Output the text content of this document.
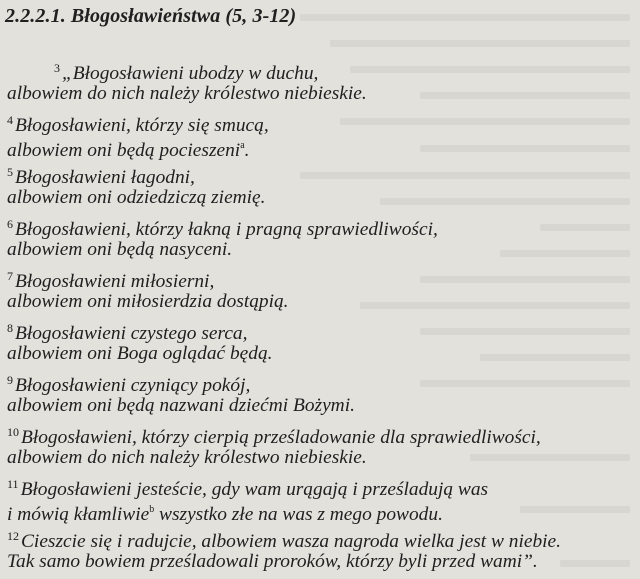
2.2.2.1. Błogosławieństwa (5, 3-12)
$^3$ „Błogosławieni ubodzy w duchu,
albowiem do nich należy królestwo niebieskie.
$^4$ Błogosławieni, którzy się smucą,
albowiem oni będą pocieszeni$^a$.
$^5$ Błogosławieni łagodni,
albowiem oni odziedziczą ziemię.
$^6$ Błogosławieni, którzy łakną i pragną sprawiedliwości,
albowiem oni będą nasyceni.
$^7$ Błogosławieni miłosierni,
albowiem oni miłosierdzia dostąpią.
$^8$ Błogosławieni czystego serca,
albowiem oni Boga oglądać będą.
$^9$ Błogosławieni czyniący pokój,
albowiem oni będą nazwani dziećmi Bożymi.
$^{10}$ Błogosławieni, którzy cierpią prześladowanie dla sprawiedliwości,
albowiem do nich należy królestwo niebieskie.
$^{11}$ Błogosławieni jesteście, gdy wam urągają i prześladują was
i mówią kłamliwie$^b$ wszystko złe na was z mego powodu.
$^{12}$ Cieszcie się i radujcie, albowiem wasza nagroda wielka jest w niebie.
Tak samo bowiem prześladowali proroków, którzy byli przed wami”.
